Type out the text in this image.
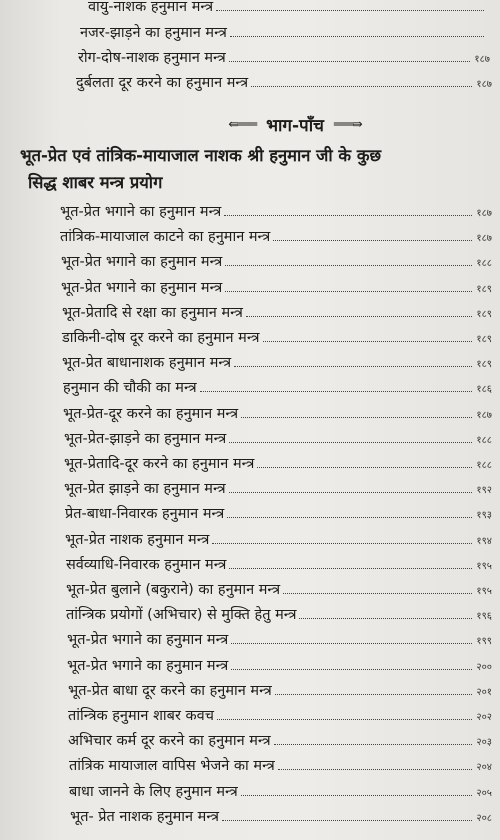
वायु-नाशक हनुमान मन्त्र
नजर-झाड़ने का हनुमान मन्त्र
रोग-दोष-नाशक हनुमान मन्त्र	१८७
दुर्बलता दूर करने का हनुमान मन्त्र	१८७
⇚═══ भाग-पाँच ═══⇛
भूत-प्रेत एवं तांत्रिक-मायाजाल नाशक श्री हनुमान जी के कुछ
सिद्ध शाबर मन्त्र प्रयोग
भूत-प्रेत भगाने का हनुमान मन्त्र	१८७
तांत्रिक-मायाजाल काटने का हनुमान मन्त्र	१८७
भूत-प्रेत भगाने का हनुमान मन्त्र	१८८
भूत-प्रेत भगाने का हनुमान मन्त्र	१८९
भूत-प्रेतादि से रक्षा का हनुमान मन्त्र	१८९
डाकिनी-दोष दूर करने का हनुमान मन्त्र	१८९
भूत-प्रेत बाधानाशक हनुमान मन्त्र	१८९
हनुमान की चौकी का मन्त्र	१८६
भूत-प्रेत-दूर करने का हनुमान मन्त्र	१८७
भूत-प्रेत-झाड़ने का हनुमान मन्त्र	१८८
भूत-प्रेतादि-दूर करने का हनुमान मन्त्र	१८८
भूत-प्रेत झाड़ने का हनुमान मन्त्र	१९२
प्रेत-बाधा-निवारक हनुमान मन्त्र	१९३
भूत-प्रेत नाशक हनुमान मन्त्र	१९४
सर्वव्याधि-निवारक हनुमान मन्त्र	१९५
भूत-प्रेत बुलाने (बकुराने) का हनुमान मन्त्र	१९५
तांन्त्रिक प्रयोगों (अभिचार) से मुक्ति हेतु मन्त्र	१९६
भूत-प्रेत भगाने का हनुमान मन्त्र	१९९
भूत-प्रेत भगाने का हनुमान मन्त्र	२००
भूत-प्रेत बाधा दूर करने का हनुमान मन्त्र	२०१
तांन्त्रिक हनुमान शाबर कवच	२०२
अभिचार कर्म दूर करने का हनुमान मन्त्र	२०३
तांत्रिक मायाजाल वापिस भेजने का मन्त्र	२०४
बाधा जानने के लिए हनुमान मन्त्र	२०५
भूत- प्रेत नाशक हनुमान मन्त्र	२०८
